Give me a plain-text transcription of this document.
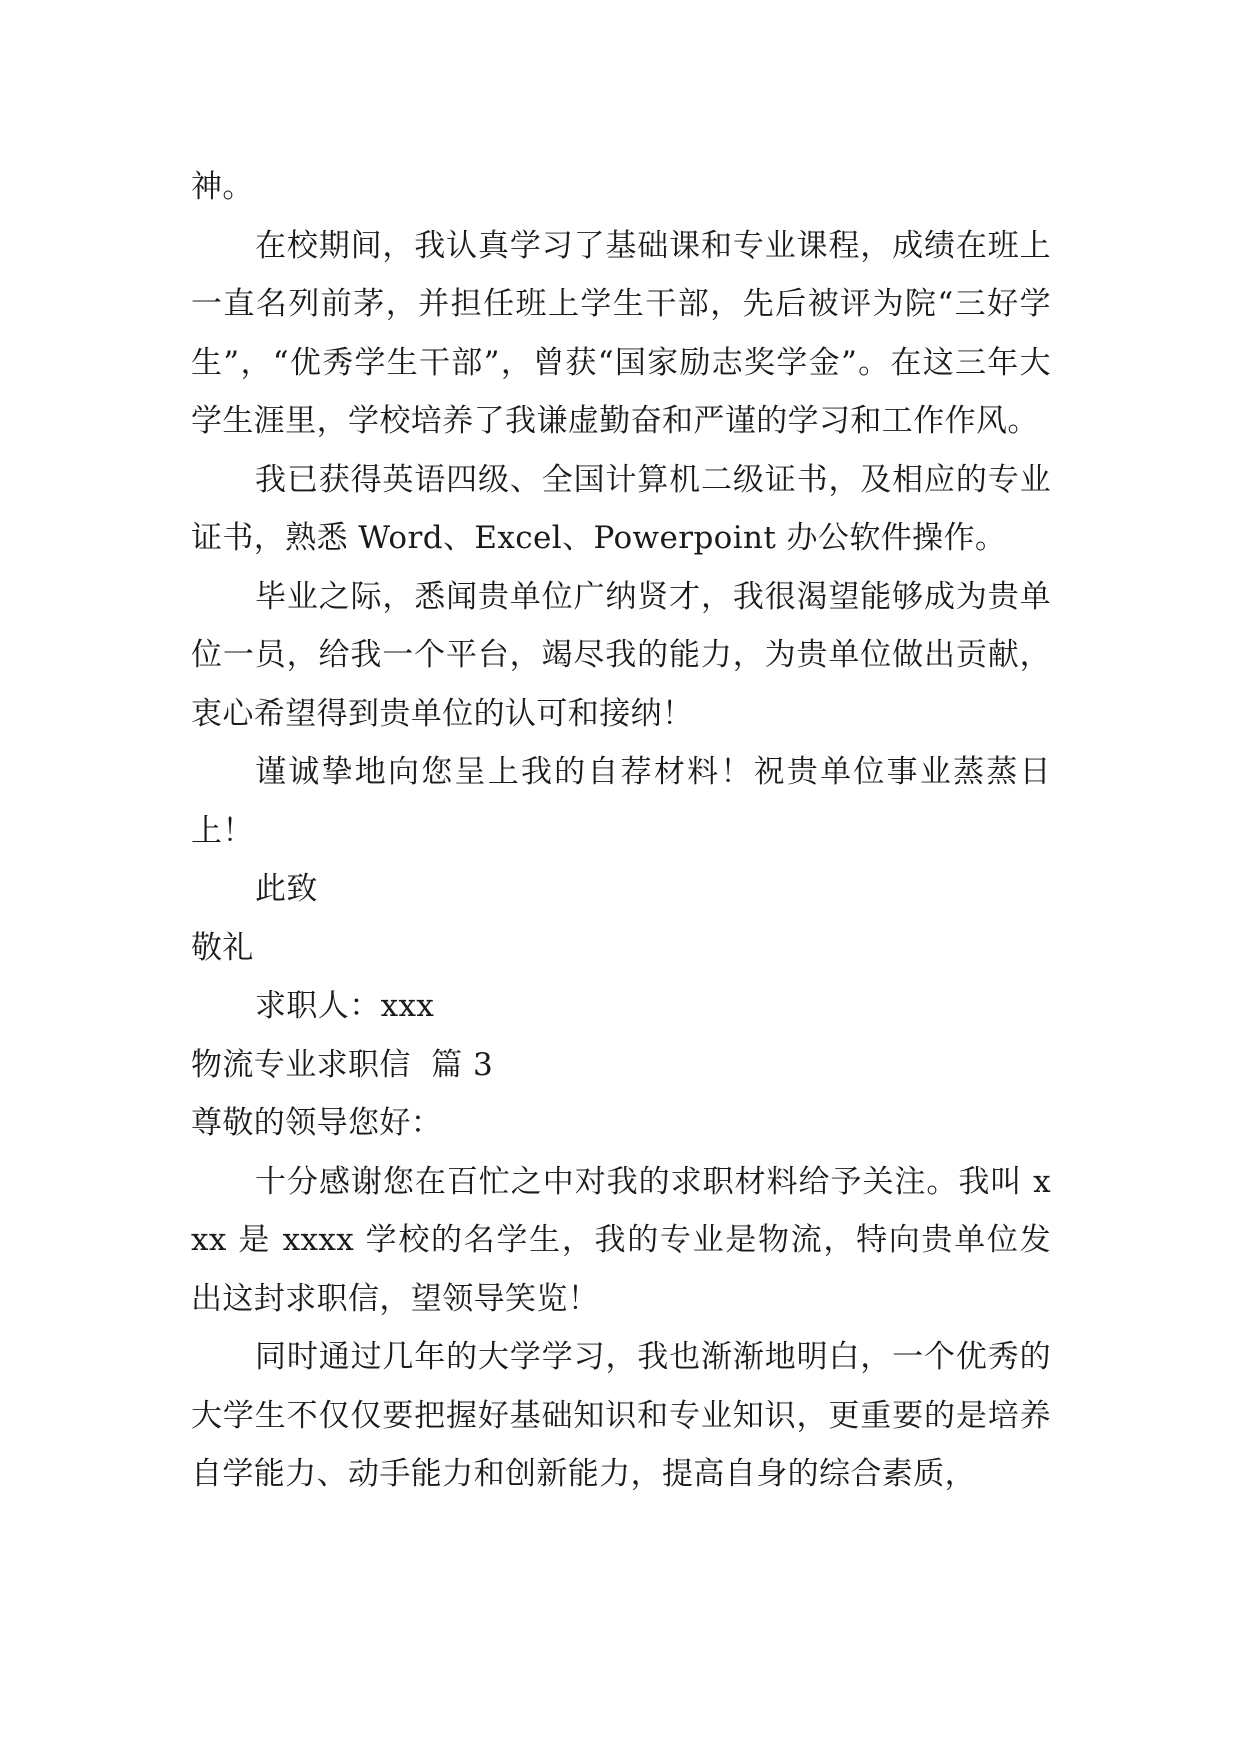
神。

在校期间，我认真学习了基础课和专业课程，成绩在班上一直名列前茅，并担任班上学生干部，先后被评为院“三好学生”，“优秀学生干部”，曾获“国家励志奖学金”。在这三年大学生涯里，学校培养了我谦虚勤奋和严谨的学习和工作作风。

我已获得英语四级、全国计算机二级证书，及相应的专业证书，熟悉 Word、Excel、Powerpoint 办公软件操作。

毕业之际，悉闻贵单位广纳贤才，我很渴望能够成为贵单位一员，给我一个平台，竭尽我的能力，为贵单位做出贡献，衷心希望得到贵单位的认可和接纳！

谨诚挚地向您呈上我的自荐材料！祝贵单位事业蒸蒸日上！

此致

敬礼

求职人：xxx

物流专业求职信  篇 3

尊敬的领导您好：

十分感谢您在百忙之中对我的求职材料给予关注。我叫 xxx 是 xxxx 学校的名学生，我的专业是物流，特向贵单位发出这封求职信，望领导笑览！

同时通过几年的大学学习，我也渐渐地明白，一个优秀的大学生不仅仅要把握好基础知识和专业知识，更重要的是培养自学能力、动手能力和创新能力，提高自身的综合素质，
